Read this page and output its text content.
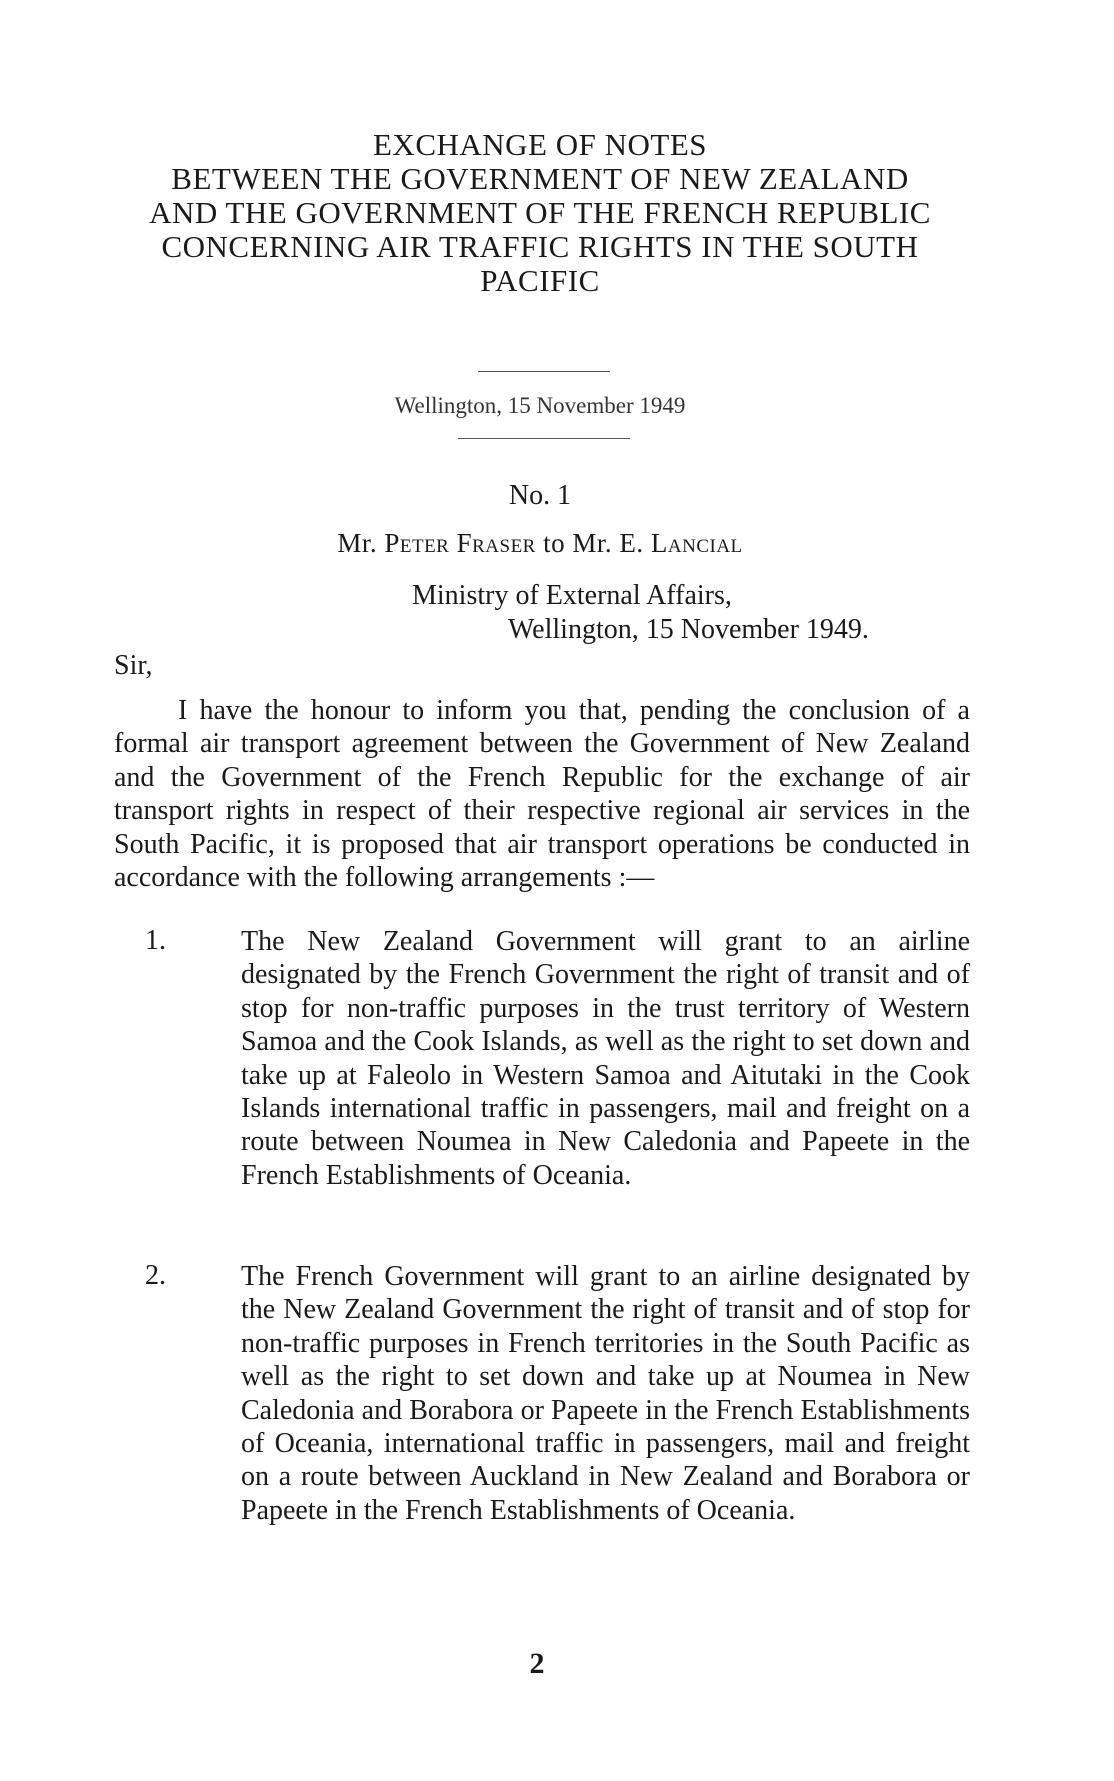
EXCHANGE OF NOTES
BETWEEN THE GOVERNMENT OF NEW ZEALAND
AND THE GOVERNMENT OF THE FRENCH REPUBLIC
CONCERNING AIR TRAFFIC RIGHTS IN THE SOUTH
PACIFIC
Wellington, 15 November 1949
No. 1
Mr. Peter Fraser to Mr. E. Lancial
Ministry of External Affairs,
Wellington, 15 November 1949.
Sir,
I have the honour to inform you that, pending the conclusion of a formal air transport agreement between the Government of New Zealand and the Government of the French Republic for the exchange of air transport rights in respect of their respective regional air services in the South Pacific, it is proposed that air transport operations be conducted in accordance with the following arrangements :—
1.	The New Zealand Government will grant to an airline designated by the French Government the right of transit and of stop for non-traffic purposes in the trust territory of Western Samoa and the Cook Islands, as well as the right to set down and take up at Faleolo in Western Samoa and Aitutaki in the Cook Islands international traffic in passengers, mail and freight on a route between Noumea in New Caledonia and Papeete in the French Establishments of Oceania.
2.	The French Government will grant to an airline designated by the New Zealand Government the right of transit and of stop for non-traffic purposes in French territories in the South Pacific as well as the right to set down and take up at Noumea in New Caledonia and Borabora or Papeete in the French Establishments of Oceania, international traffic in passengers, mail and freight on a route between Auckland in New Zealand and Borabora or Papeete in the French Establishments of Oceania.
2
